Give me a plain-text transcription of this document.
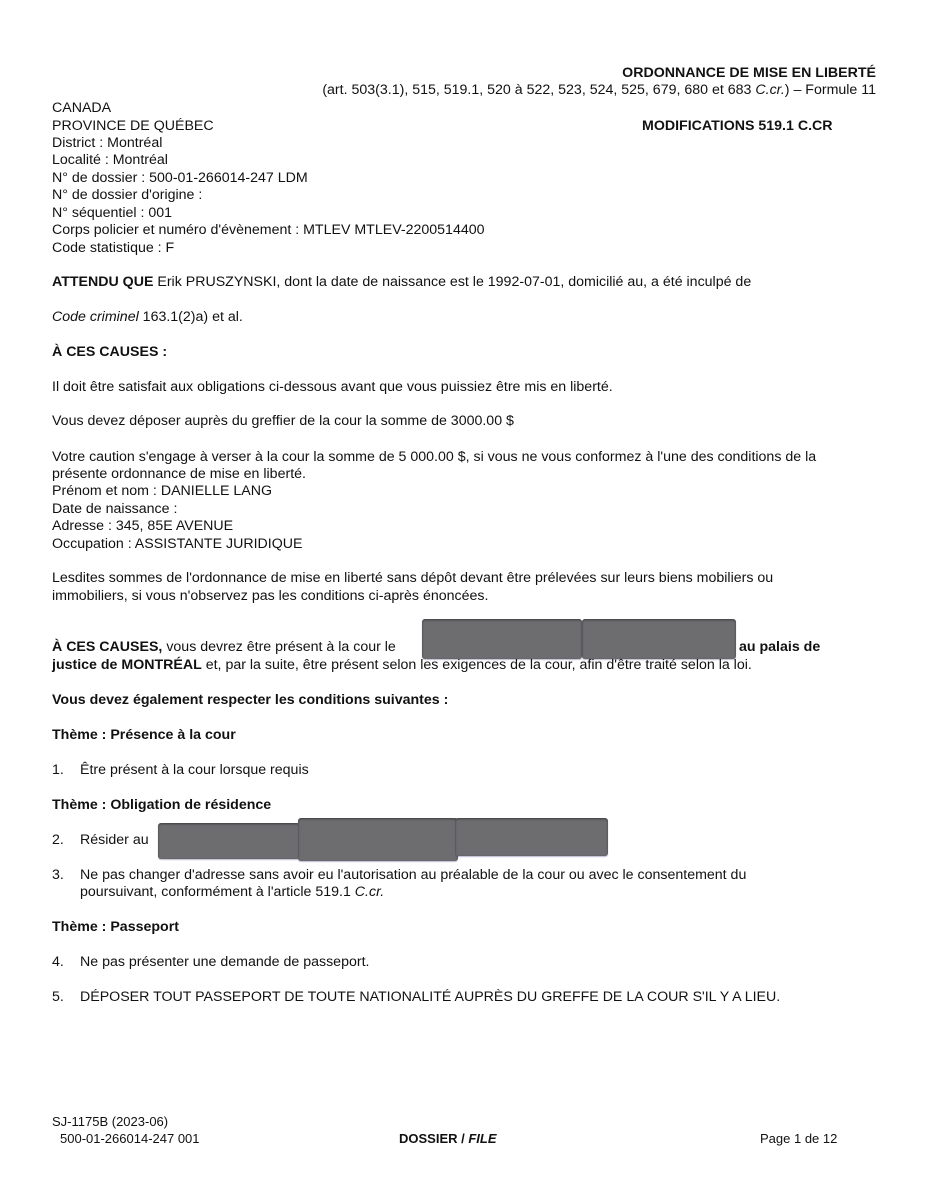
ORDONNANCE DE MISE EN LIBERTÉ
(art. 503(3.1), 515, 519.1, 520 à 522, 523, 524, 525, 679, 680 et 683 C.cr.) – Formule 11
CANADA
PROVINCE DE QUÉBEC	MODIFICATIONS 519.1 C.CR
District : Montréal
Localité : Montréal
N° de dossier : 500-01-266014-247 LDM
N° de dossier d'origine :
N° séquentiel : 001
Corps policier et numéro d'évènement : MTLEV MTLEV-2200514400
Code statistique : F
ATTENDU QUE Erik PRUSZYNSKI, dont la date de naissance est le 1992-07-01, domicilié au, a été inculpé de
Code criminel 163.1(2)a) et al.
À CES CAUSES :
Il doit être satisfait aux obligations ci-dessous avant que vous puissiez être mis en liberté.
Vous devez déposer auprès du greffier de la cour la somme de 3000.00 $
Votre caution s'engage à verser à la cour la somme de 5 000.00 $, si vous ne vous conformez à l'une des conditions de la
présente ordonnance de mise en liberté.
Prénom et nom : DANIELLE LANG
Date de naissance :
Adresse : 345, 85E AVENUE
Occupation : ASSISTANTE JURIDIQUE
Lesdites sommes de l'ordonnance de mise en liberté sans dépôt devant être prélevées sur leurs biens mobiliers ou
immobiliers, si vous n'observez pas les conditions ci-après énoncées.
À CES CAUSES, vous devrez être présent à la cour le	au palais de
justice de MONTRÉAL et, par la suite, être présent selon les exigences de la cour, afin d'être traité selon la loi.
Vous devez également respecter les conditions suivantes :
Thème : Présence à la cour
1. Être présent à la cour lorsque requis
Thème : Obligation de résidence
2. Résider au
3. Ne pas changer d'adresse sans avoir eu l'autorisation au préalable de la cour ou avec le consentement du
poursuivant, conformément à l'article 519.1 C.cr.
Thème : Passeport
4. Ne pas présenter une demande de passeport.
5. DÉPOSER TOUT PASSEPORT DE TOUTE NATIONALITÉ AUPRÈS DU GREFFE DE LA COUR S'IL Y A LIEU.
SJ-1175B (2023-06)
500-01-266014-247 001	DOSSIER / FILE	Page 1 de 12
